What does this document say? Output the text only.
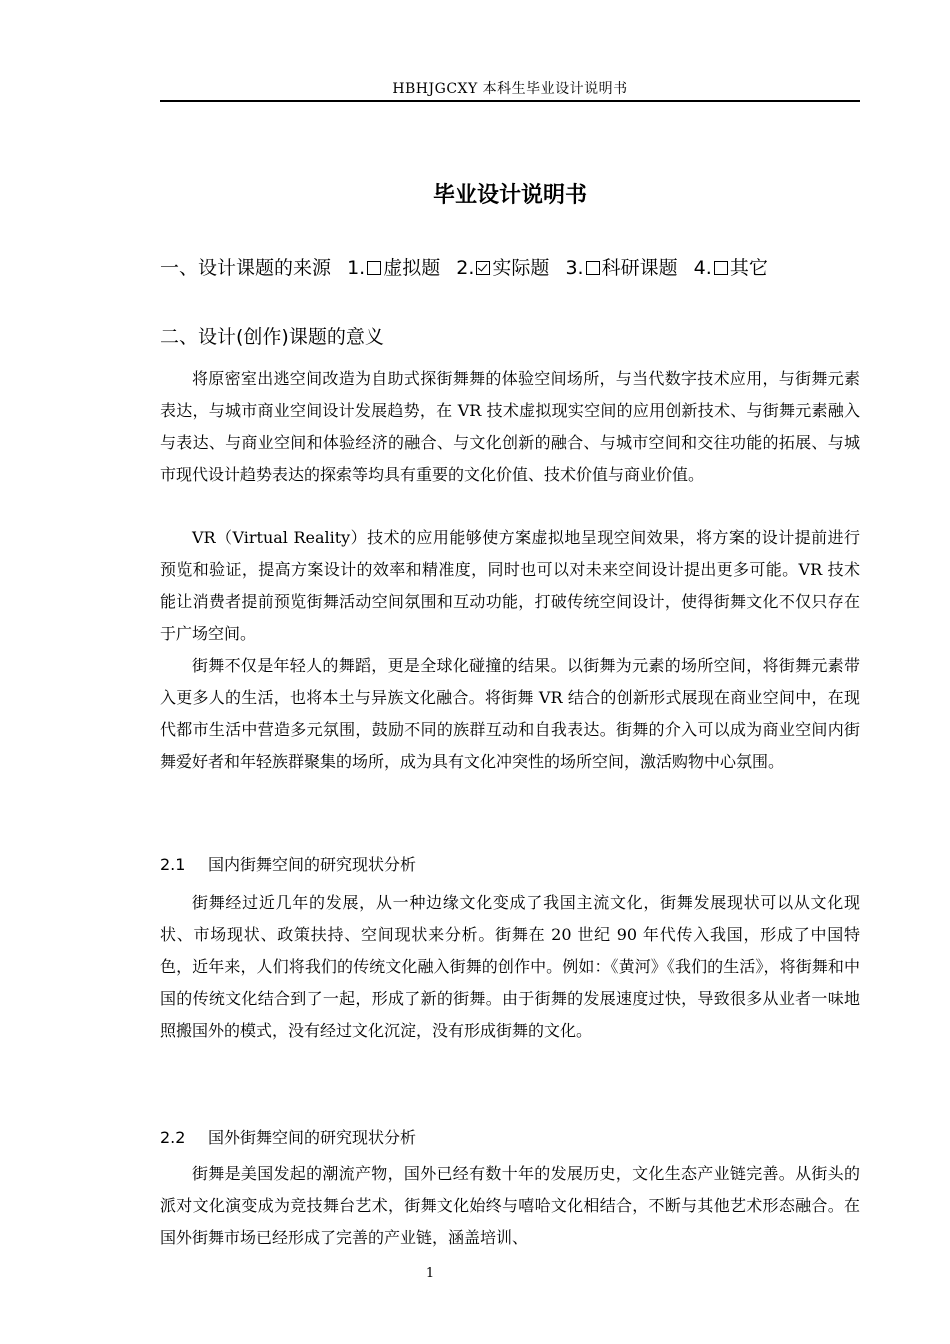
HBHJGCXY 本科生毕业设计说明书
毕业设计说明书
一、设计课题的来源 1. 虚拟题 2. 实际题 3. 科研课题 4. 其它
二、设计(创作)课题的意义

将原密室出逃空间改造为自助式探街舞舞的体验空间场所，与当代数字技术应用，与街舞元素表达，与城市商业空间设计发展趋势，在 VR 技术虚拟现实空间的应用创新技术、与街舞元素融入与表达、与商业空间和体验经济的融合、与文化创新的融合、与城市空间和交往功能的拓展、与城市现代设计趋势表达的探索等均具有重要的文化价值、技术价值与商业价值。

VR（Virtual Reality）技术的应用能够使方案虚拟地呈现空间效果，将方案的设计提前进行预览和验证，提高方案设计的效率和精准度，同时也可以对未来空间设计提出更多可能。VR 技术能让消费者提前预览街舞活动空间氛围和互动功能，打破传统空间设计，使得街舞文化不仅只存在于广场空间。

街舞不仅是年轻人的舞蹈，更是全球化碰撞的结果。以街舞为元素的场所空间，将街舞元素带入更多人的生活，也将本土与异族文化融合。将街舞 VR 结合的创新形式展现在商业空间中，在现代都市生活中营造多元氛围，鼓励不同的族群互动和自我表达。街舞的介入可以成为商业空间内街舞爱好者和年轻族群聚集的场所，成为具有文化冲突性的场所空间，激活购物中心氛围。

2.1 国内街舞空间的研究现状分析

街舞经过近几年的发展，从一种边缘文化变成了我国主流文化，街舞发展现状可以从文化现状、市场现状、政策扶持、空间现状来分析。街舞在 20 世纪 90 年代传入我国，形成了中国特色，近年来，人们将我们的传统文化融入街舞的创作中。例如：《黄河》《我们的生活》，将街舞和中国的传统文化结合到了一起，形成了新的街舞。由于街舞的发展速度过快，导致很多从业者一味地照搬国外的模式，没有经过文化沉淀，没有形成街舞的文化。

2.2 国外街舞空间的研究现状分析

街舞是美国发起的潮流产物，国外已经有数十年的发展历史，文化生态产业链完善。从街头的派对文化演变成为竞技舞台艺术，街舞文化始终与嘻哈文化相结合，不断与其他艺术形态融合。在国外街舞市场已经形成了完善的产业链，涵盖培训、

1
